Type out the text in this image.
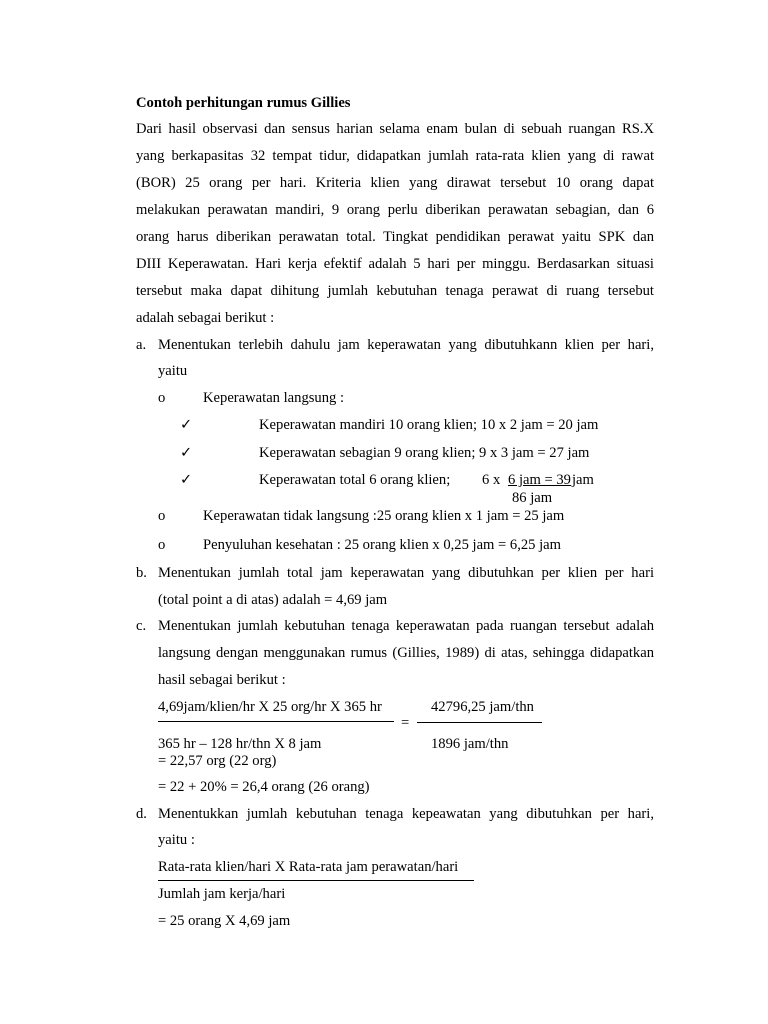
Contoh perhitungan rumus Gillies
Dari hasil observasi dan sensus harian selama enam bulan di sebuah ruangan RS.X
yang berkapasitas 32 tempat tidur, didapatkan jumlah rata-rata klien yang di rawat
(BOR) 25 orang per hari. Kriteria klien yang dirawat tersebut 10 orang dapat
melakukan perawatan mandiri, 9 orang perlu diberikan perawatan sebagian, dan 6
orang harus diberikan perawatan total. Tingkat pendidikan perawat yaitu SPK dan
DIII Keperawatan. Hari kerja efektif adalah 5 hari per minggu. Berdasarkan situasi
tersebut maka dapat dihitung jumlah kebutuhan tenaga perawat di ruang tersebut
adalah sebagai berikut :
a. Menentukan terlebih dahulu jam keperawatan yang dibutuhkann klien per hari,
yaitu
o	Keperawatan langsung :
✓	Keperawatan mandiri 10 orang klien; 10 x 2 jam = 20 jam
✓	Keperawatan sebagian 9 orang klien; 9 x 3 jam = 27 jam
✓	Keperawatan total 6 orang klien; 6 x 6 jam = 39 jam
86 jam
o	Keperawatan tidak langsung :25 orang klien x 1 jam = 25 jam
o	Penyuluhan kesehatan : 25 orang klien x 0,25 jam = 6,25 jam
b. Menentukan jumlah total jam keperawatan yang dibutuhkan per klien per hari
(total point a di atas) adalah = 4,69 jam
c. Menentukan jumlah kebutuhan tenaga keperawatan pada ruangan tersebut adalah
langsung dengan menggunakan rumus (Gillies, 1989) di atas, sehingga didapatkan
hasil sebagai berikut :
4,69jam/klien/hr X 25 org/hr X 365 hr
=
42796,25 jam/thn
365 hr – 128 hr/thn X 8 jam	1896 jam/thn
= 22,57 org (22 org)
= 22 + 20% = 26,4 orang (26 orang)
d. Menentukkan jumlah kebutuhan tenaga kepeawatan yang dibutuhkan per hari,
yaitu :
Rata-rata klien/hari X Rata-rata jam perawatan/hari
Jumlah jam kerja/hari
= 25 orang X 4,69 jam
